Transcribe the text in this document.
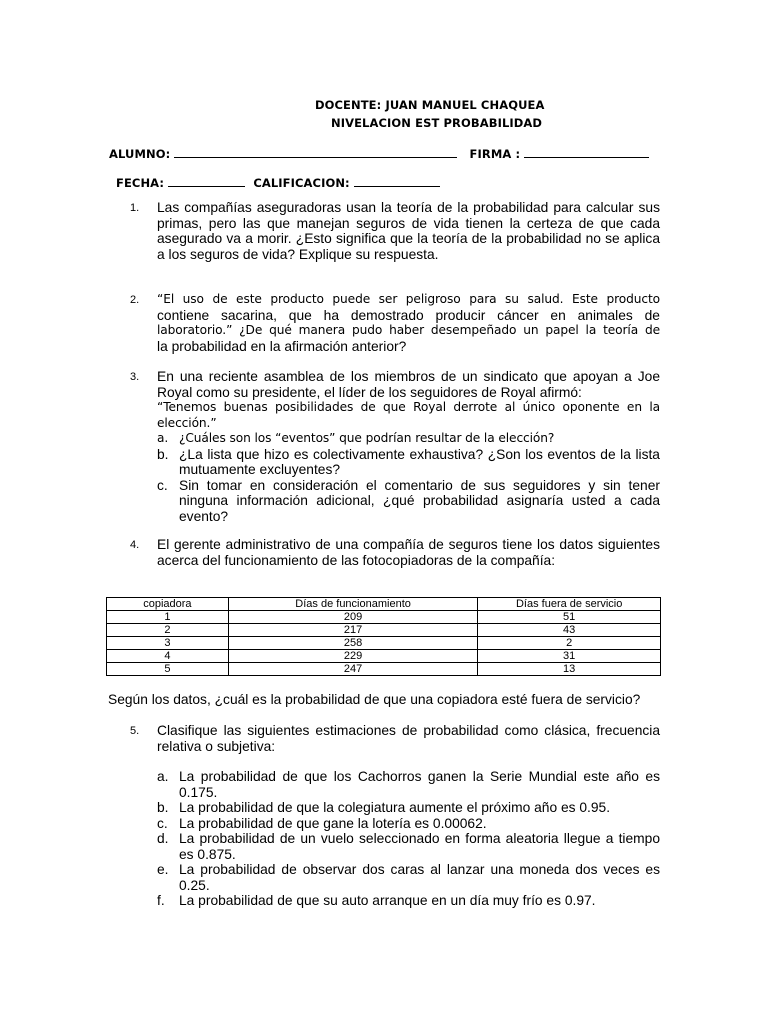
DOCENTE: JUAN MANUEL CHAQUEA
NIVELACION EST PROBABILIDAD
ALUMNO:	FIRMA :
FECHA:	CALIFICACION:
1. Las compañías aseguradoras usan la teoría de la probabilidad para calcular sus primas, pero las que manejan seguros de vida tienen la certeza de que cada asegurado va a morir. ¿Esto significa que la teoría de la probabilidad no se aplica a los seguros de vida? Explique su respuesta.
2. “El uso de este producto puede ser peligroso para su salud. Este producto
contiene sacarina, que ha demostrado producir cáncer en animales de
laboratorio.” ¿De qué manera pudo haber desempeñado un papel la teoría de
la probabilidad en la afirmación anterior?
3. En una reciente asamblea de los miembros de un sindicato que apoyan a Joe Royal como su presidente, el líder de los seguidores de Royal afirmó:
“Tenemos buenas posibilidades de que Royal derrote al único oponente en la elección.”
a. ¿Cuáles son los “eventos” que podrían resultar de la elección?
b. ¿La lista que hizo es colectivamente exhaustiva? ¿Son los eventos de la lista mutuamente excluyentes?
c. Sin tomar en consideración el comentario de sus seguidores y sin tener ninguna información adicional, ¿qué probabilidad asignaría usted a cada evento?
4. El gerente administrativo de una compañía de seguros tiene los datos siguientes acerca del funcionamiento de las fotocopiadoras de la compañía:
copiadora	Días de funcionamiento	Días fuera de servicio
1	209	51
2	217	43
3	258	2
4	229	31
5	247	13
Según los datos, ¿cuál es la probabilidad de que una copiadora esté fuera de servicio?
5. Clasifique las siguientes estimaciones de probabilidad como clásica, frecuencia relativa o subjetiva:
a. La probabilidad de que los Cachorros ganen la Serie Mundial este año es 0.175.
b. La probabilidad de que la colegiatura aumente el próximo año es 0.95.
c. La probabilidad de que gane la lotería es 0.00062.
d. La probabilidad de un vuelo seleccionado en forma aleatoria llegue a tiempo es 0.875.
e. La probabilidad de observar dos caras al lanzar una moneda dos veces es 0.25.
f. La probabilidad de que su auto arranque en un día muy frío es 0.97.
